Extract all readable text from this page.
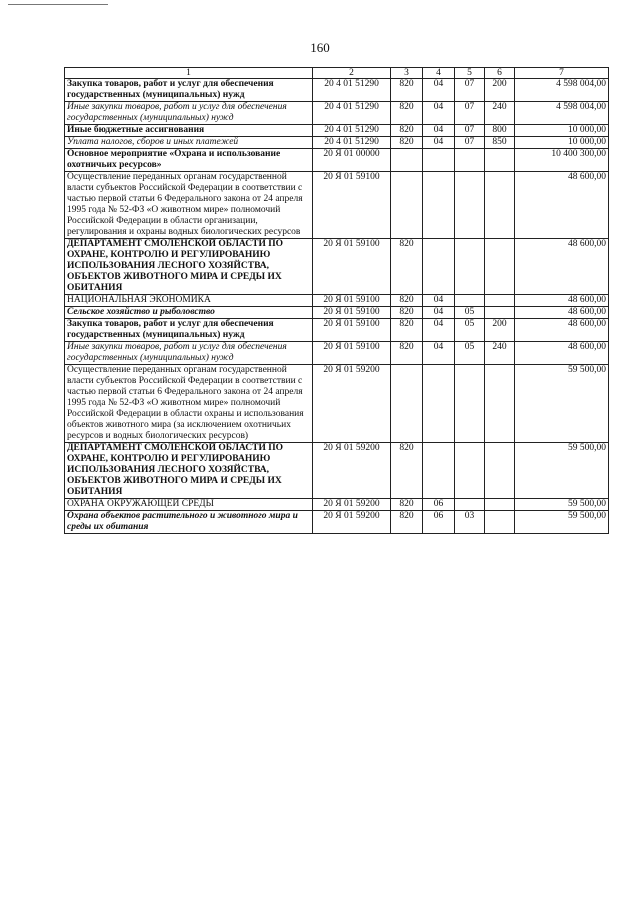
160
1	2	3	4	5	6	7
Закупка товаров, работ и услуг для обеспечения государственных (муниципальных) нужд	20 4 01 51290	820	04	07	200	4 598 004,00
Иные закупки товаров, работ и услуг для обеспечения государственных (муниципальных) нужд	20 4 01 51290	820	04	07	240	4 598 004,00
Иные бюджетные ассигнования	20 4 01 51290	820	04	07	800	10 000,00
Уплата налогов, сборов и иных платежей	20 4 01 51290	820	04	07	850	10 000,00
Основное мероприятие «Охрана и использование охотничьих ресурсов»	20 Я 01 00000					10 400 300,00
Осуществление переданных органам государственной власти субъектов Российской Федерации в соответствии с частью первой статьи 6 Федерального закона от 24 апреля 1995 года № 52-ФЗ «О животном мире» полномочий Российской Федерации в области организации, регулирования и охраны водных биологических ресурсов	20 Я 01 59100					48 600,00
ДЕПАРТАМЕНТ СМОЛЕНСКОЙ ОБЛАСТИ ПО ОХРАНЕ, КОНТРОЛЮ И РЕГУЛИРОВАНИЮ ИСПОЛЬЗОВАНИЯ ЛЕСНОГО ХОЗЯЙСТВА, ОБЪЕКТОВ ЖИВОТНОГО МИРА И СРЕДЫ ИХ ОБИТАНИЯ	20 Я 01 59100	820				48 600,00
НАЦИОНАЛЬНАЯ ЭКОНОМИКА	20 Я 01 59100	820	04			48 600,00
Сельское хозяйство и рыболовство	20 Я 01 59100	820	04	05		48 600,00
Закупка товаров, работ и услуг для обеспечения государственных (муниципальных) нужд	20 Я 01 59100	820	04	05	200	48 600,00
Иные закупки товаров, работ и услуг для обеспечения государственных (муниципальных) нужд	20 Я 01 59100	820	04	05	240	48 600,00
Осуществление переданных органам государственной власти субъектов Российской Федерации в соответствии с частью первой статьи 6 Федерального закона от 24 апреля 1995 года № 52-ФЗ «О животном мире» полномочий Российской Федерации в области охраны и использования объектов животного мира (за исключением охотничьих ресурсов и водных биологических ресурсов)	20 Я 01 59200					59 500,00
ДЕПАРТАМЕНТ СМОЛЕНСКОЙ ОБЛАСТИ ПО ОХРАНЕ, КОНТРОЛЮ И РЕГУЛИРОВАНИЮ ИСПОЛЬЗОВАНИЯ ЛЕСНОГО ХОЗЯЙСТВА, ОБЪЕКТОВ ЖИВОТНОГО МИРА И СРЕДЫ ИХ ОБИТАНИЯ	20 Я 01 59200	820				59 500,00
ОХРАНА ОКРУЖАЮЩЕЙ СРЕДЫ	20 Я 01 59200	820	06			59 500,00
Охрана объектов растительного и животного мира и среды их обитания	20 Я 01 59200	820	06	03		59 500,00
